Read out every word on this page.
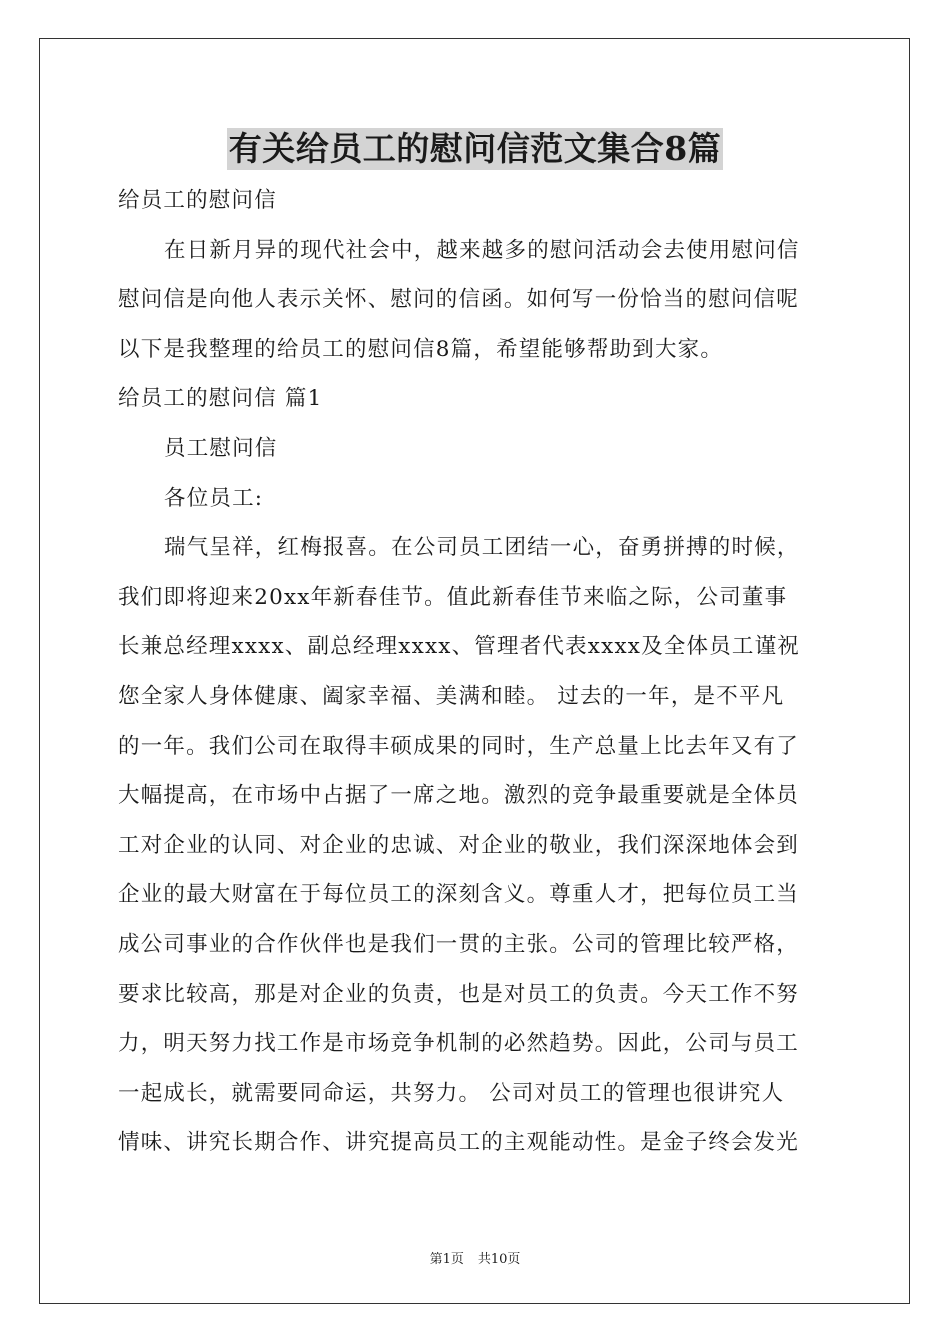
有关给员工的慰问信范文集合8篇
给员工的慰问信
在日新月异的现代社会中，越来越多的慰问活动会去使用慰问信
慰问信是向他人表示关怀、慰问的信函。如何写一份恰当的慰问信呢
以下是我整理的给员工的慰问信8篇，希望能够帮助到大家。
给员工的慰问信 篇1
员工慰问信
各位员工:
瑞气呈祥，红梅报喜。在公司员工团结一心，奋勇拼搏的时候，
我们即将迎来20xx年新春佳节。值此新春佳节来临之际，公司董事
长兼总经理xxxx、副总经理xxxx、管理者代表xxxx及全体员工谨祝
您全家人身体健康、阖家幸福、美满和睦。 过去的一年，是不平凡
的一年。我们公司在取得丰硕成果的同时，生产总量上比去年又有了
大幅提高，在市场中占据了一席之地。激烈的竞争最重要就是全体员
工对企业的认同、对企业的忠诚、对企业的敬业，我们深深地体会到
企业的最大财富在于每位员工的深刻含义。尊重人才，把每位员工当
成公司事业的合作伙伴也是我们一贯的主张。公司的管理比较严格，
要求比较高，那是对企业的负责，也是对员工的负责。今天工作不努
力，明天努力找工作是市场竞争机制的必然趋势。因此，公司与员工
一起成长，就需要同命运，共努力。 公司对员工的管理也很讲究人
情味、讲究长期合作、讲究提高员工的主观能动性。是金子终会发光
第1页 共10页
